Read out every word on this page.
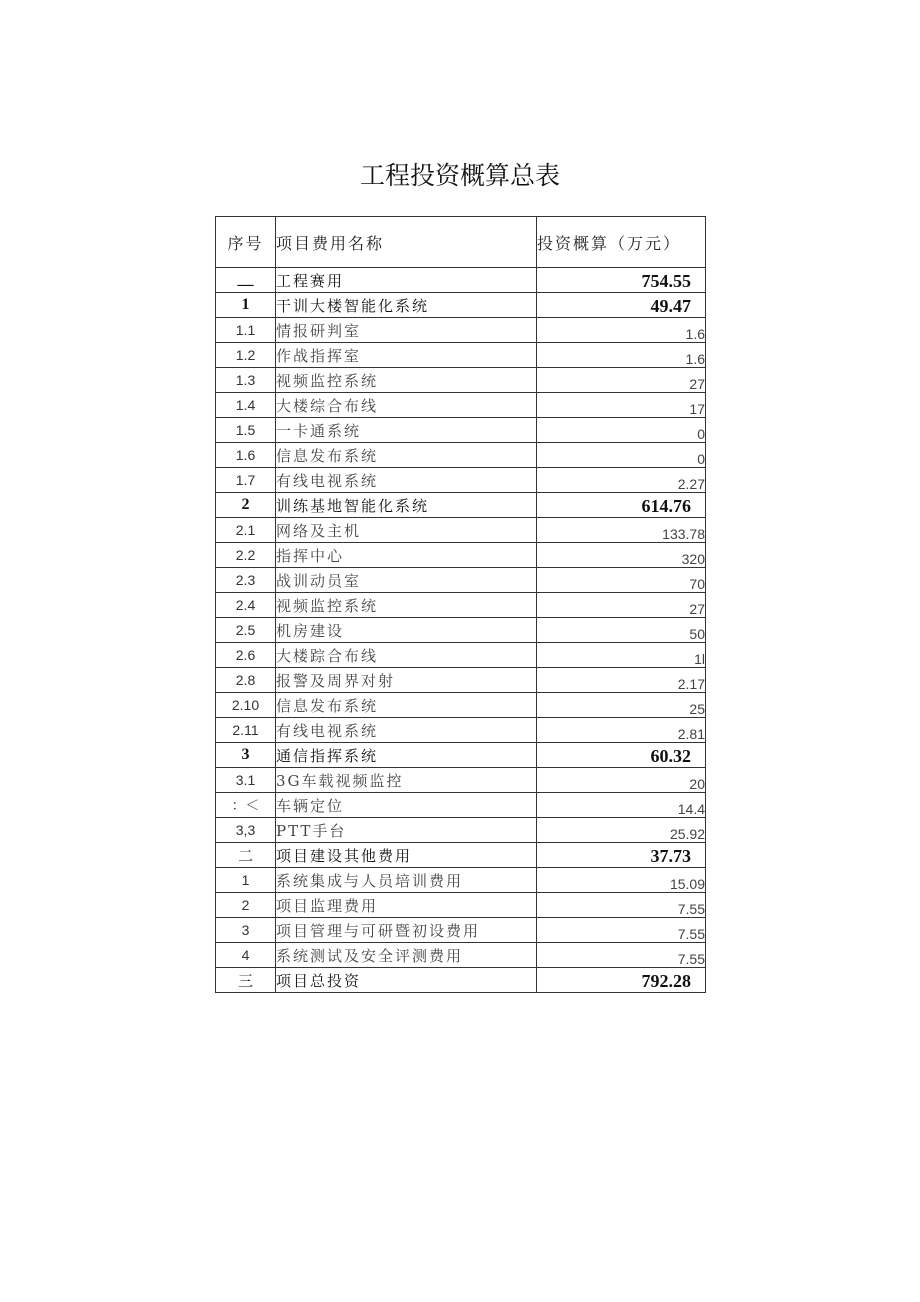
工程投资概算总表
序号	项目费用名称	投资概算（万元）
__	工程赛用	754.55
1	干训大楼智能化系统	49.47
1.1	情报研判室	1.6
1.2	作战指挥室	1.6
1.3	视频监控系统	27
1.4	大楼综合布线	17
1.5	一卡通系统	0
1.6	信息发布系统	0
1.7	有线电视系统	2.27
2	训练基地智能化系统	614.76
2.1	网络及主机	133.78
2.2	指挥中心	320
2.3	战训动员室	70
2.4	视频监控系统	27
2.5	机房建设	50
2.6	大楼踪合布线	1l
2.8	报警及周界对射	2.17
2.10	信息发布系统	25
2.11	有线电视系统	2.81
3	通信指挥系统	60.32
3.1	3G车载视频监控	20
：＜	车辆定位	14.4
3,3	PTT手台	25.92
二	项目建设其他费用	37.73
1	系统集成与人员培训费用	15.09
2	项目监理费用	7.55
3	项目管理与可研暨初设费用	7.55
4	系统测试及安全评测费用	7.55
三	项目总投资	792.28
